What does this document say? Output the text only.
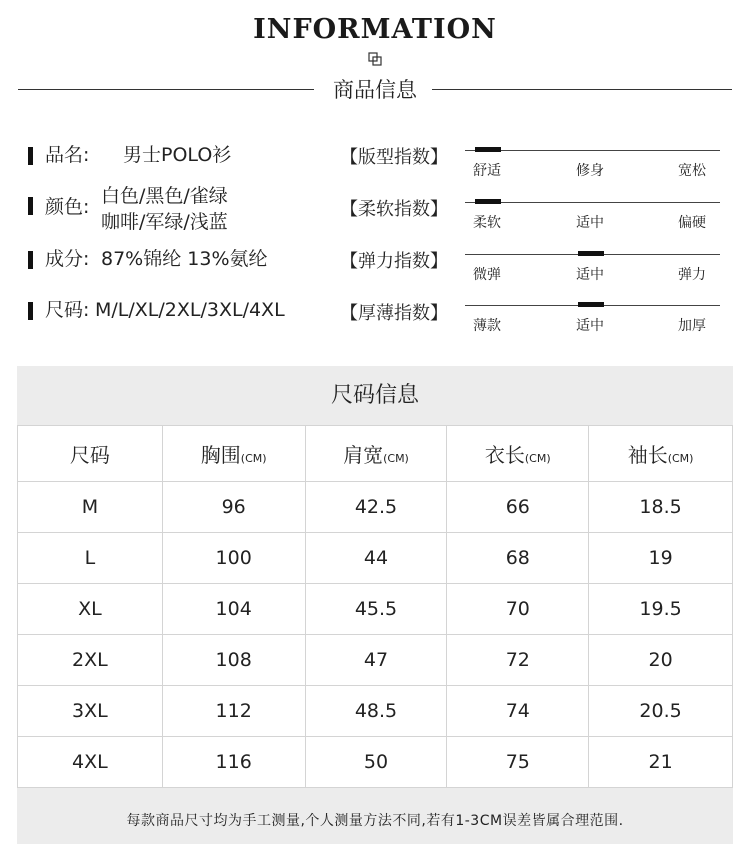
INFORMATION
商品信息
品名: 男士POLO衫
颜色: 白色/黑色/雀绿
咖啡/军绿/浅蓝
成分: 87%锦纶 13%氨纶
尺码: M/L/XL/2XL/3XL/4XL
【版型指数】
舒适	修身	宽松
【柔软指数】
柔软	适中	偏硬
【弹力指数】
微弹	适中	弹力
【厚薄指数】
薄款	适中	加厚
尺码信息
尺码	胸围(CM)	肩宽(CM)	衣长(CM)	袖长(CM)
M	96	42.5	66	18.5
L	100	44	68	19
XL	104	45.5	70	19.5
2XL	108	47	72	20
3XL	112	48.5	74	20.5
4XL	116	50	75	21
每款商品尺寸均为手工测量,个人测量方法不同,若有1-3CM误差皆属合理范围.
